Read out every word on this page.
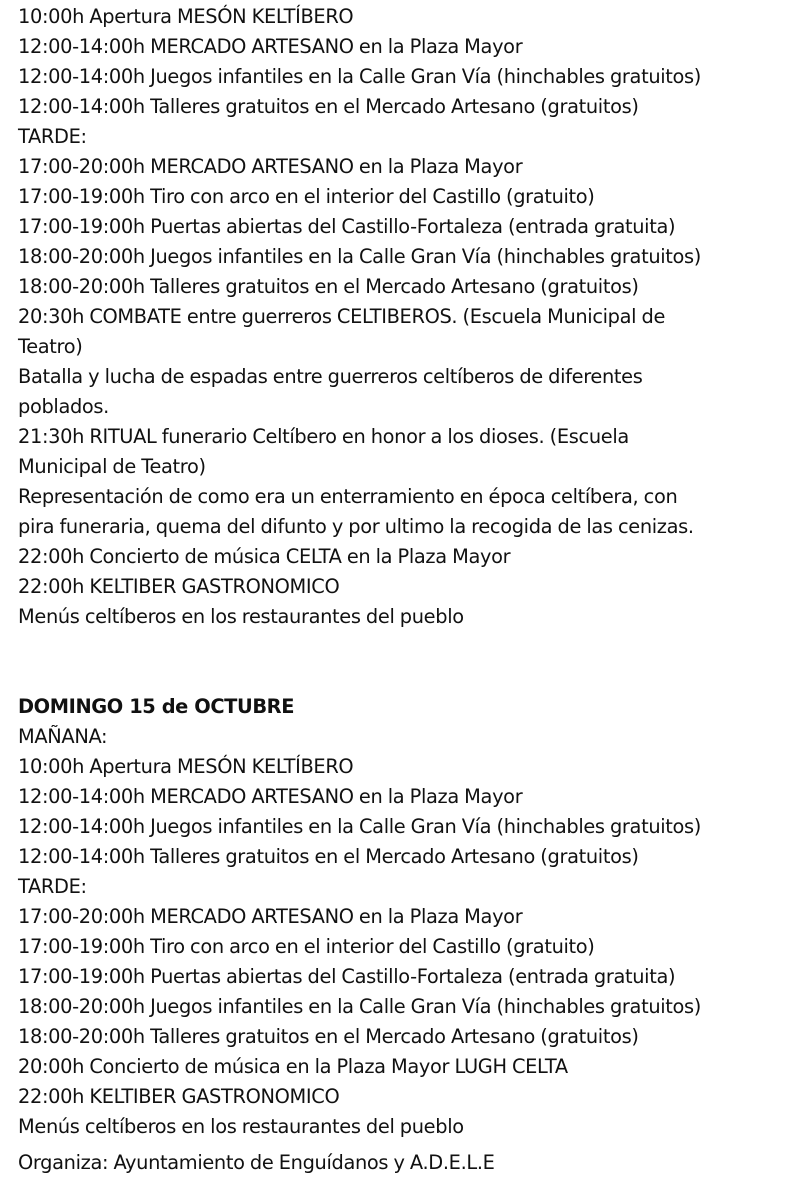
10:00h Apertura MESÓN KELTÍBERO
12:00-14:00h MERCADO ARTESANO en la Plaza Mayor
12:00-14:00h Juegos infantiles en la Calle Gran Vía (hinchables gratuitos)
12:00-14:00h Talleres gratuitos en el Mercado Artesano (gratuitos)
TARDE:
17:00-20:00h MERCADO ARTESANO en la Plaza Mayor
17:00-19:00h Tiro con arco en el interior del Castillo (gratuito)
17:00-19:00h Puertas abiertas del Castillo-Fortaleza (entrada gratuita)
18:00-20:00h Juegos infantiles en la Calle Gran Vía (hinchables gratuitos)
18:00-20:00h Talleres gratuitos en el Mercado Artesano (gratuitos)
20:30h COMBATE entre guerreros CELTIBEROS. (Escuela Municipal de
Teatro)
Batalla y lucha de espadas entre guerreros celtíberos de diferentes
poblados.
21:30h RITUAL funerario Celtíbero en honor a los dioses. (Escuela
Municipal de Teatro)
Representación de como era un enterramiento en época celtíbera, con
pira funeraria, quema del difunto y por ultimo la recogida de las cenizas.
22:00h Concierto de música CELTA en la Plaza Mayor
22:00h KELTIBER GASTRONOMICO
Menús celtíberos en los restaurantes del pueblo
DOMINGO 15 de OCTUBRE
MAÑANA:
10:00h Apertura MESÓN KELTÍBERO
12:00-14:00h MERCADO ARTESANO en la Plaza Mayor
12:00-14:00h Juegos infantiles en la Calle Gran Vía (hinchables gratuitos)
12:00-14:00h Talleres gratuitos en el Mercado Artesano (gratuitos)
TARDE:
17:00-20:00h MERCADO ARTESANO en la Plaza Mayor
17:00-19:00h Tiro con arco en el interior del Castillo (gratuito)
17:00-19:00h Puertas abiertas del Castillo-Fortaleza (entrada gratuita)
18:00-20:00h Juegos infantiles en la Calle Gran Vía (hinchables gratuitos)
18:00-20:00h Talleres gratuitos en el Mercado Artesano (gratuitos)
20:00h Concierto de música en la Plaza Mayor LUGH CELTA
22:00h KELTIBER GASTRONOMICO
Menús celtíberos en los restaurantes del pueblo
Organiza: Ayuntamiento de Enguídanos y A.D.E.L.E
